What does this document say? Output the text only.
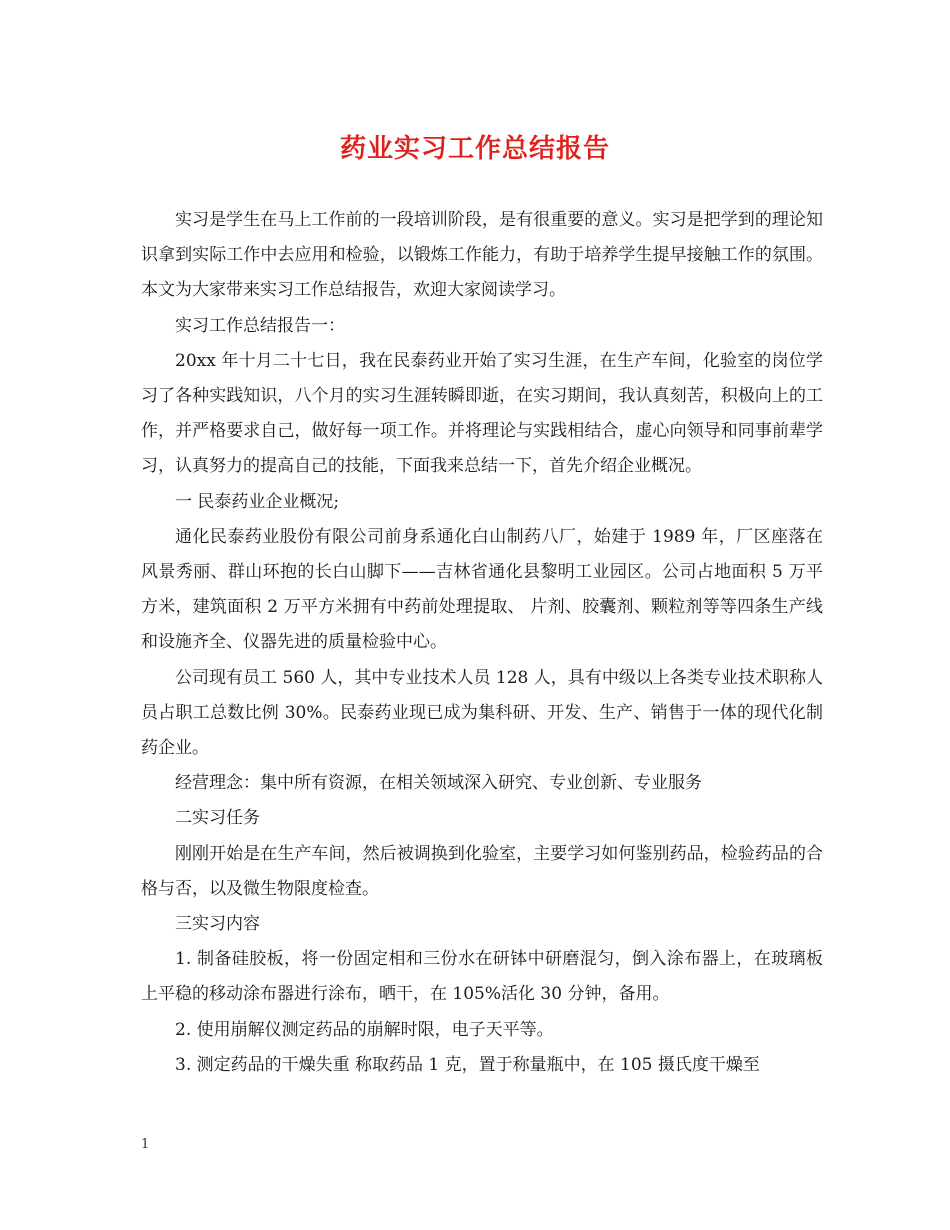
药业实习工作总结报告

实习是学生在马上工作前的一段培训阶段，是有很重要的意义。实习是把学到的理论知识拿到实际工作中去应用和检验，以锻炼工作能力，有助于培养学生提早接触工作的氛围。本文为大家带来实习工作总结报告，欢迎大家阅读学习。

实习工作总结报告一：

20xx 年十月二十七日，我在民泰药业开始了实习生涯，在生产车间，化验室的岗位学习了各种实践知识，八个月的实习生涯转瞬即逝，在实习期间，我认真刻苦，积极向上的工作，并严格要求自己，做好每一项工作。并将理论与实践相结合，虚心向领导和同事前辈学习，认真努力的提高自己的技能，下面我来总结一下，首先介绍企业概况。

一 民泰药业企业概况;

通化民泰药业股份有限公司前身系通化白山制药八厂，始建于 1989 年，厂区座落在风景秀丽、群山环抱的长白山脚下——吉林省通化县黎明工业园区。公司占地面积 5 万平方米，建筑面积 2 万平方米拥有中药前处理提取、 片剂、胶囊剂、颗粒剂等等四条生产线和设施齐全、仪器先进的质量检验中心。

公司现有员工 560 人，其中专业技术人员 128 人，具有中级以上各类专业技术职称人员占职工总数比例 30%。民泰药业现已成为集科研、开发、生产、销售于一体的现代化制药企业。

经营理念：集中所有资源，在相关领域深入研究、专业创新、专业服务

二实习任务

刚刚开始是在生产车间，然后被调换到化验室，主要学习如何鉴别药品，检验药品的合格与否，以及微生物限度检查。

三实习内容

1. 制备硅胶板，将一份固定相和三份水在研钵中研磨混匀，倒入涂布器上，在玻璃板上平稳的移动涂布器进行涂布，晒干，在 105%活化 30 分钟，备用。

2. 使用崩解仪测定药品的崩解时限，电子天平等。

3. 测定药品的干燥失重 称取药品 1 克，置于称量瓶中，在 105 摄氏度干燥至

1
